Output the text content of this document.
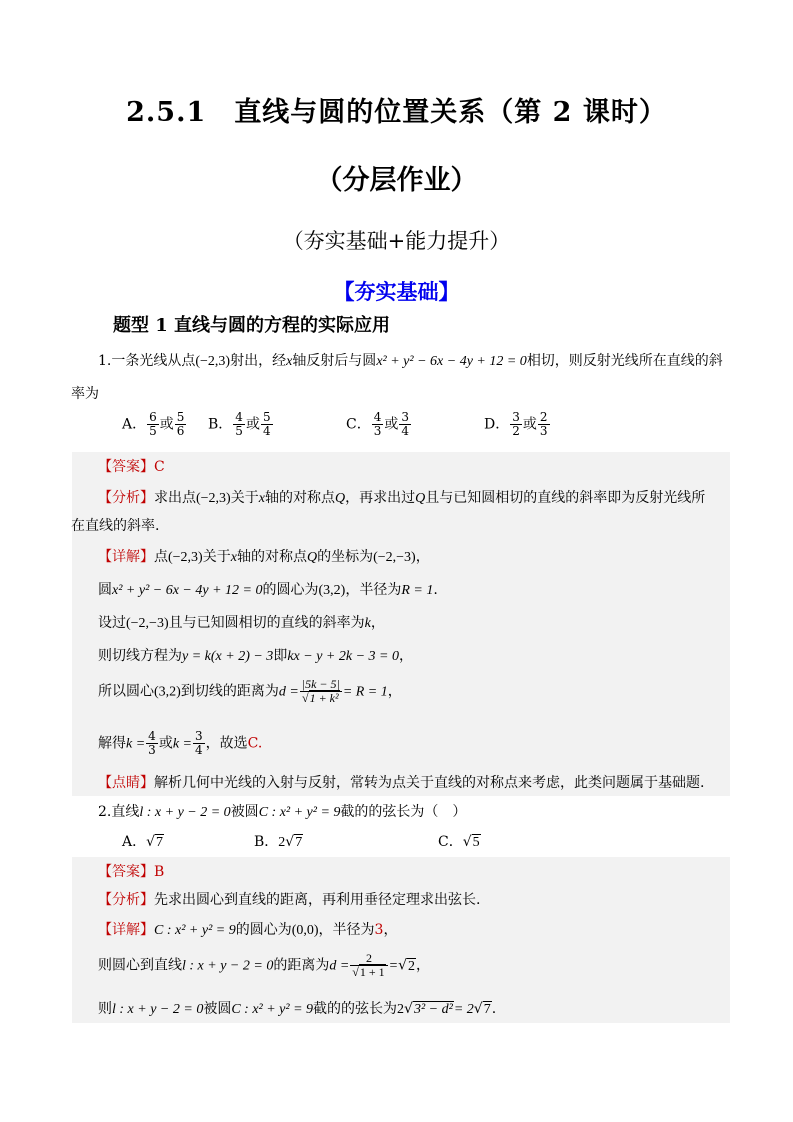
2.5.1　直线与圆的位置关系（第 2 课时）
（分层作业）
（夯实基础+能力提升）
【夯实基础】
题型 1 直线与圆的方程的实际应用
1.一条光线从点(−2,3)射出，经x轴反射后与圆x² + y² − 6x − 4y + 12 = 0相切，则反射光线所在直线的斜
率为
A． $\frac{6}{5}$ 或 $\frac{5}{6}$ B． $\frac{4}{5}$ 或 $\frac{5}{4}$	C． $\frac{4}{3}$ 或 $\frac{3}{4}$	D． $\frac{3}{2}$ 或 $\frac{2}{3}$
【答案】C
【分析】求出点(−2,3)关于x轴的对称点Q，再求出过Q且与已知圆相切的直线的斜率即为反射光线所
在直线的斜率.
【详解】点(−2,3)关于x轴的对称点Q的坐标为(−2,−3)，
圆x² + y² − 6x − 4y + 12 = 0的圆心为(3,2)，半径为R = 1.
设过(−2,−3)且与已知圆相切的直线的斜率为k，
则切线方程为y = k(x + 2) − 3即kx − y + 2k − 3 = 0，
所以圆心(3,2)到切线的距离为$d = \frac{|5k - 5|}{\text{√1 + k²}} = R = 1$，
解得$k = \frac{4}{3}$ 或$k = \frac{3}{4}$ ，故选C.
【点睛】解析几何中光线的入射与反射，常转为点关于直线的对称点来考虑，此类问题属于基础题.
2.直线l : x + y − 2 = 0被圆C : x² + y² = 9截的的弦长为（　）
A．√7	B．2√7	C．√5
【答案】B
【分析】先求出圆心到直线的距离，再利用垂径定理求出弦长.
【详解】C : x² + y² = 9的圆心为(0,0)，半径为3，
则圆心到直线l : x + y − 2 = 0的距离为$d = \frac{2}{√1 + 1} =√2$，
则l : x + y − 2 = 0被圆C : x² + y² = 9截的的弦长为2√3² − d²= 2√7.
